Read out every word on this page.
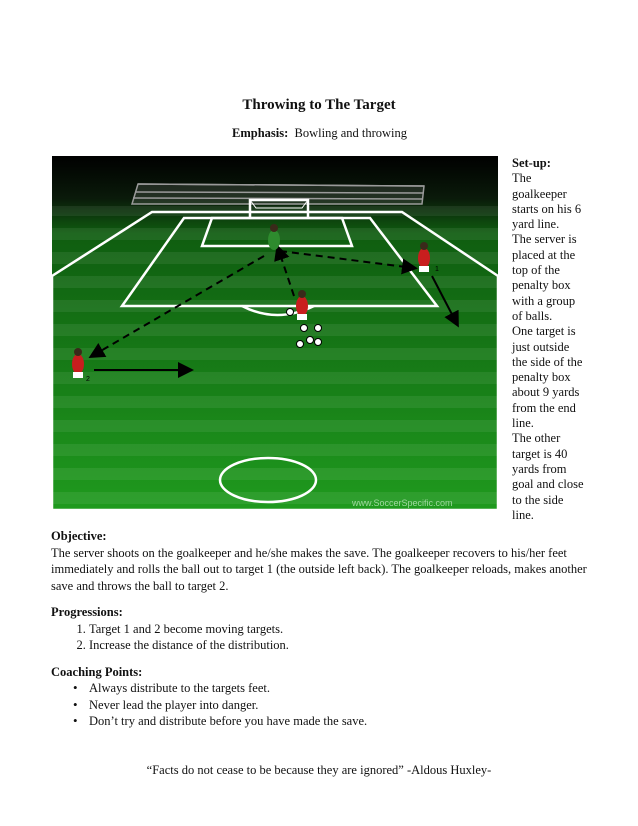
Throwing to The Target
Emphasis: Bowling and throwing
1
2
www.SoccerSpecific.com
Set-up:
The
goalkeeper
starts on his 6
yard line.
The server is
placed at the
top of the
penalty box
with a group
of balls.
One target is
just outside
the side of the
penalty box
about 9 yards
from the end
line.
The other
target is 40
yards from
goal and close
to the side
line.
Objective:
The server shoots on the goalkeeper and he/she makes the save. The goalkeeper recovers to his/her feet immediately and rolls the ball out to target 1 (the outside left back). The goalkeeper reloads, makes another save and throws the ball to target 2.
Progressions:
1. Target 1 and 2 become moving targets.
2. Increase the distance of the distribution.
Coaching Points:
• Always distribute to the targets feet.
• Never lead the player into danger.
• Don’t try and distribute before you have made the save.
“Facts do not cease to be because they are ignored” -Aldous Huxley-
